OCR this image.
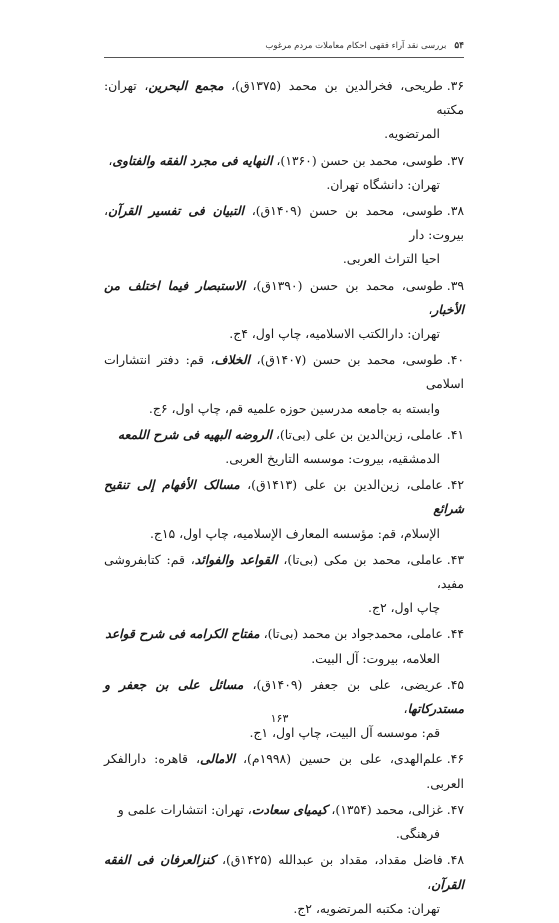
۵۴
بررسی نقد آراء فقهی احکام معاملات مردم مرغوب
۳۶.طریحی، فخرالدین بن محمد (۱۳۷۵ق)، مجمع البحرین، تهران: مکتبه
المرتضویه.
۳۷.طوسی، محمد بن حسن (۱۳۶۰)، النهایه فی مجرد الفقه والفتاوی،
تهران: دانشگاه تهران.
۳۸.طوسی، محمد بن حسن (۱۴۰۹ق)، التبیان فی تفسیر القرآن، بیروت: دار
احیا التراث العربی.
۳۹.طوسی، محمد بن حسن (۱۳۹۰ق)، الاستبصار فیما اختلف من الأخبار،
تهران: دارالکتب الاسلامیه، چاپ اول، ۴ج.
۴۰.طوسی، محمد بن حسن (۱۴۰۷ق)، الخلاف، قم: دفتر انتشارات اسلامی
وابسته به جامعه مدرسین حوزه علمیه قم، چاپ اول، ۶ج.
۴۱.عاملی، زین‌الدین بن علی (بی‌تا)، الروضه البهیه فی شرح اللمعه
الدمشقیه، بیروت: موسسه التاریخ العربی.
۴۲.عاملی، زین‌الدین بن علی (۱۴۱۳ق)، مسالک الأفهام إلی تنقیح شرائع
الإسلام، قم: مؤسسه المعارف الإسلامیه، چاپ اول، ۱۵ج.
۴۳.عاملی، محمد بن مکی (بی‌تا)، القواعد والفوائد، قم: کتابفروشی مفید،
چاپ اول، ۲ج.
۴۴.عاملی، محمدجواد بن محمد (بی‌تا)، مفتاح الکرامه فی شرح قواعد
العلامه، بیروت: آل البیت.
۴۵.عریضی، علی بن جعفر (۱۴۰۹ق)، مسائل علی بن جعفر و مستدرکاتها،
قم: موسسه آل البیت، چاپ اول، ۱ج.
۴۶.علم‌الهدی، علی بن حسین (۱۹۹۸م)، الامالی، قاهره: دارالفکر العربی.
۴۷.غزالی، محمد (۱۳۵۴)، کیمیای سعادت، تهران: انتشارات علمی و
فرهنگی.
۴۸.فاضل مقداد، مقداد بن عبدالله (۱۴۲۵ق)، کنزالعرفان فی الفقه القرآن،
تهران: مکتبه المرتضویه، ۲ج.
۱۶۳
